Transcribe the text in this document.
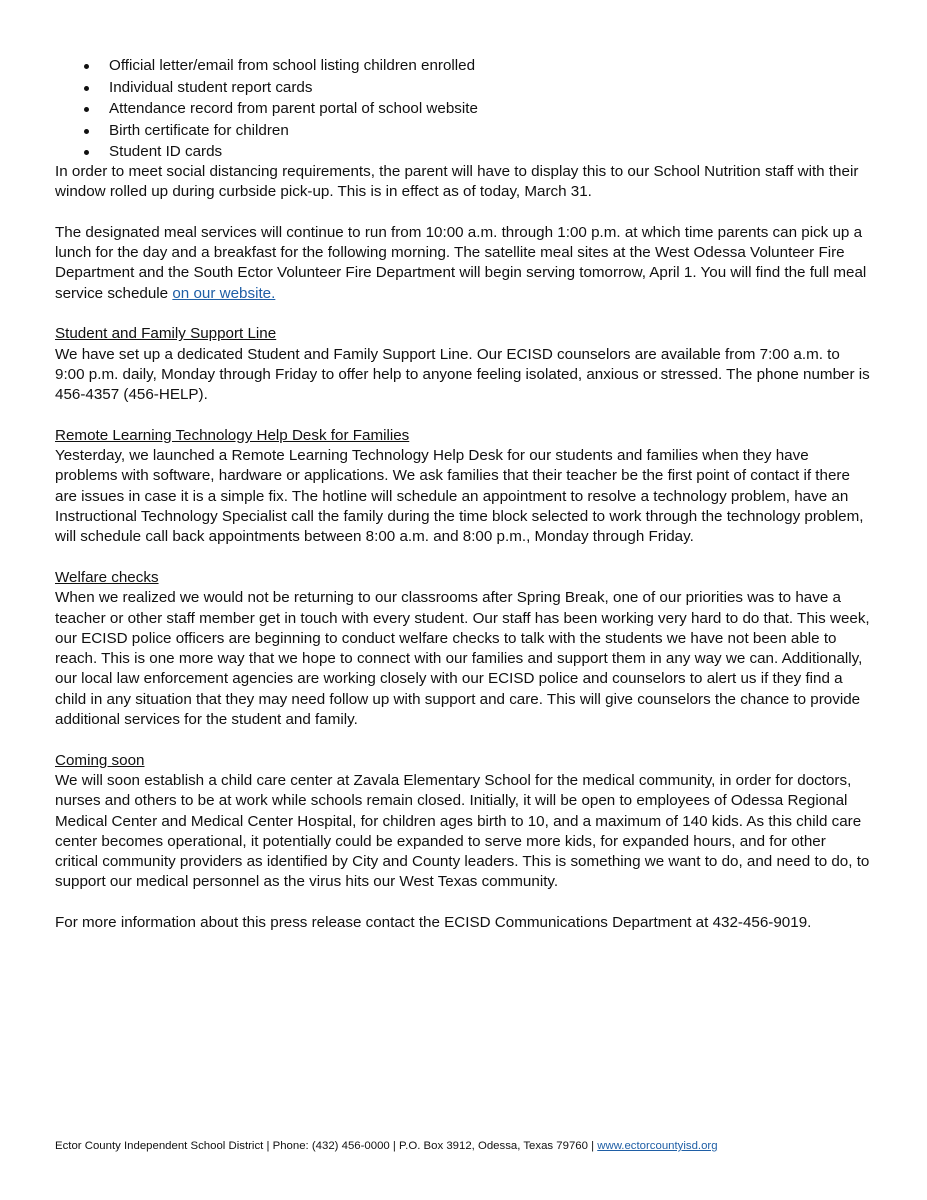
Official letter/email from school listing children enrolled
Individual student report cards
Attendance record from parent portal of school website
Birth certificate for children
Student ID cards

In order to meet social distancing requirements, the parent will have to display this to our School Nutrition staff with their window rolled up during curbside pick-up. This is in effect as of today, March 31.

The designated meal services will continue to run from 10:00 a.m. through 1:00 p.m. at which time parents can pick up a lunch for the day and a breakfast for the following morning. The satellite meal sites at the West Odessa Volunteer Fire Department and the South Ector Volunteer Fire Department will begin serving tomorrow, April 1. You will find the full meal service schedule on our website.

Student and Family Support Line

We have set up a dedicated Student and Family Support Line. Our ECISD counselors are available from 7:00 a.m. to 9:00 p.m. daily, Monday through Friday to offer help to anyone feeling isolated, anxious or stressed. The phone number is 456-4357 (456-HELP).

Remote Learning Technology Help Desk for Families

Yesterday, we launched a Remote Learning Technology Help Desk for our students and families when they have problems with software, hardware or applications. We ask families that their teacher be the first point of contact if there are issues in case it is a simple fix. The hotline will schedule an appointment to resolve a technology problem, have an Instructional Technology Specialist call the family during the time block selected to work through the technology problem, will schedule call back appointments between 8:00 a.m. and 8:00 p.m., Monday through Friday.

Welfare checks

When we realized we would not be returning to our classrooms after Spring Break, one of our priorities was to have a teacher or other staff member get in touch with every student. Our staff has been working very hard to do that. This week, our ECISD police officers are beginning to conduct welfare checks to talk with the students we have not been able to reach. This is one more way that we hope to connect with our families and support them in any way we can. Additionally, our local law enforcement agencies are working closely with our ECISD police and counselors to alert us if they find a child in any situation that they may need follow up with support and care. This will give counselors the chance to provide additional services for the student and family.

Coming soon

We will soon establish a child care center at Zavala Elementary School for the medical community, in order for doctors, nurses and others to be at work while schools remain closed. Initially, it will be open to employees of Odessa Regional Medical Center and Medical Center Hospital, for children ages birth to 10, and a maximum of 140 kids. As this child care center becomes operational, it potentially could be expanded to serve more kids, for expanded hours, and for other critical community providers as identified by City and County leaders. This is something we want to do, and need to do, to support our medical personnel as the virus hits our West Texas community.

For more information about this press release contact the ECISD Communications Department at 432-456-9019.

Ector County Independent School District | Phone: (432) 456-0000 | P.O. Box 3912, Odessa, Texas 79760 | www.ectorcountyisd.org
